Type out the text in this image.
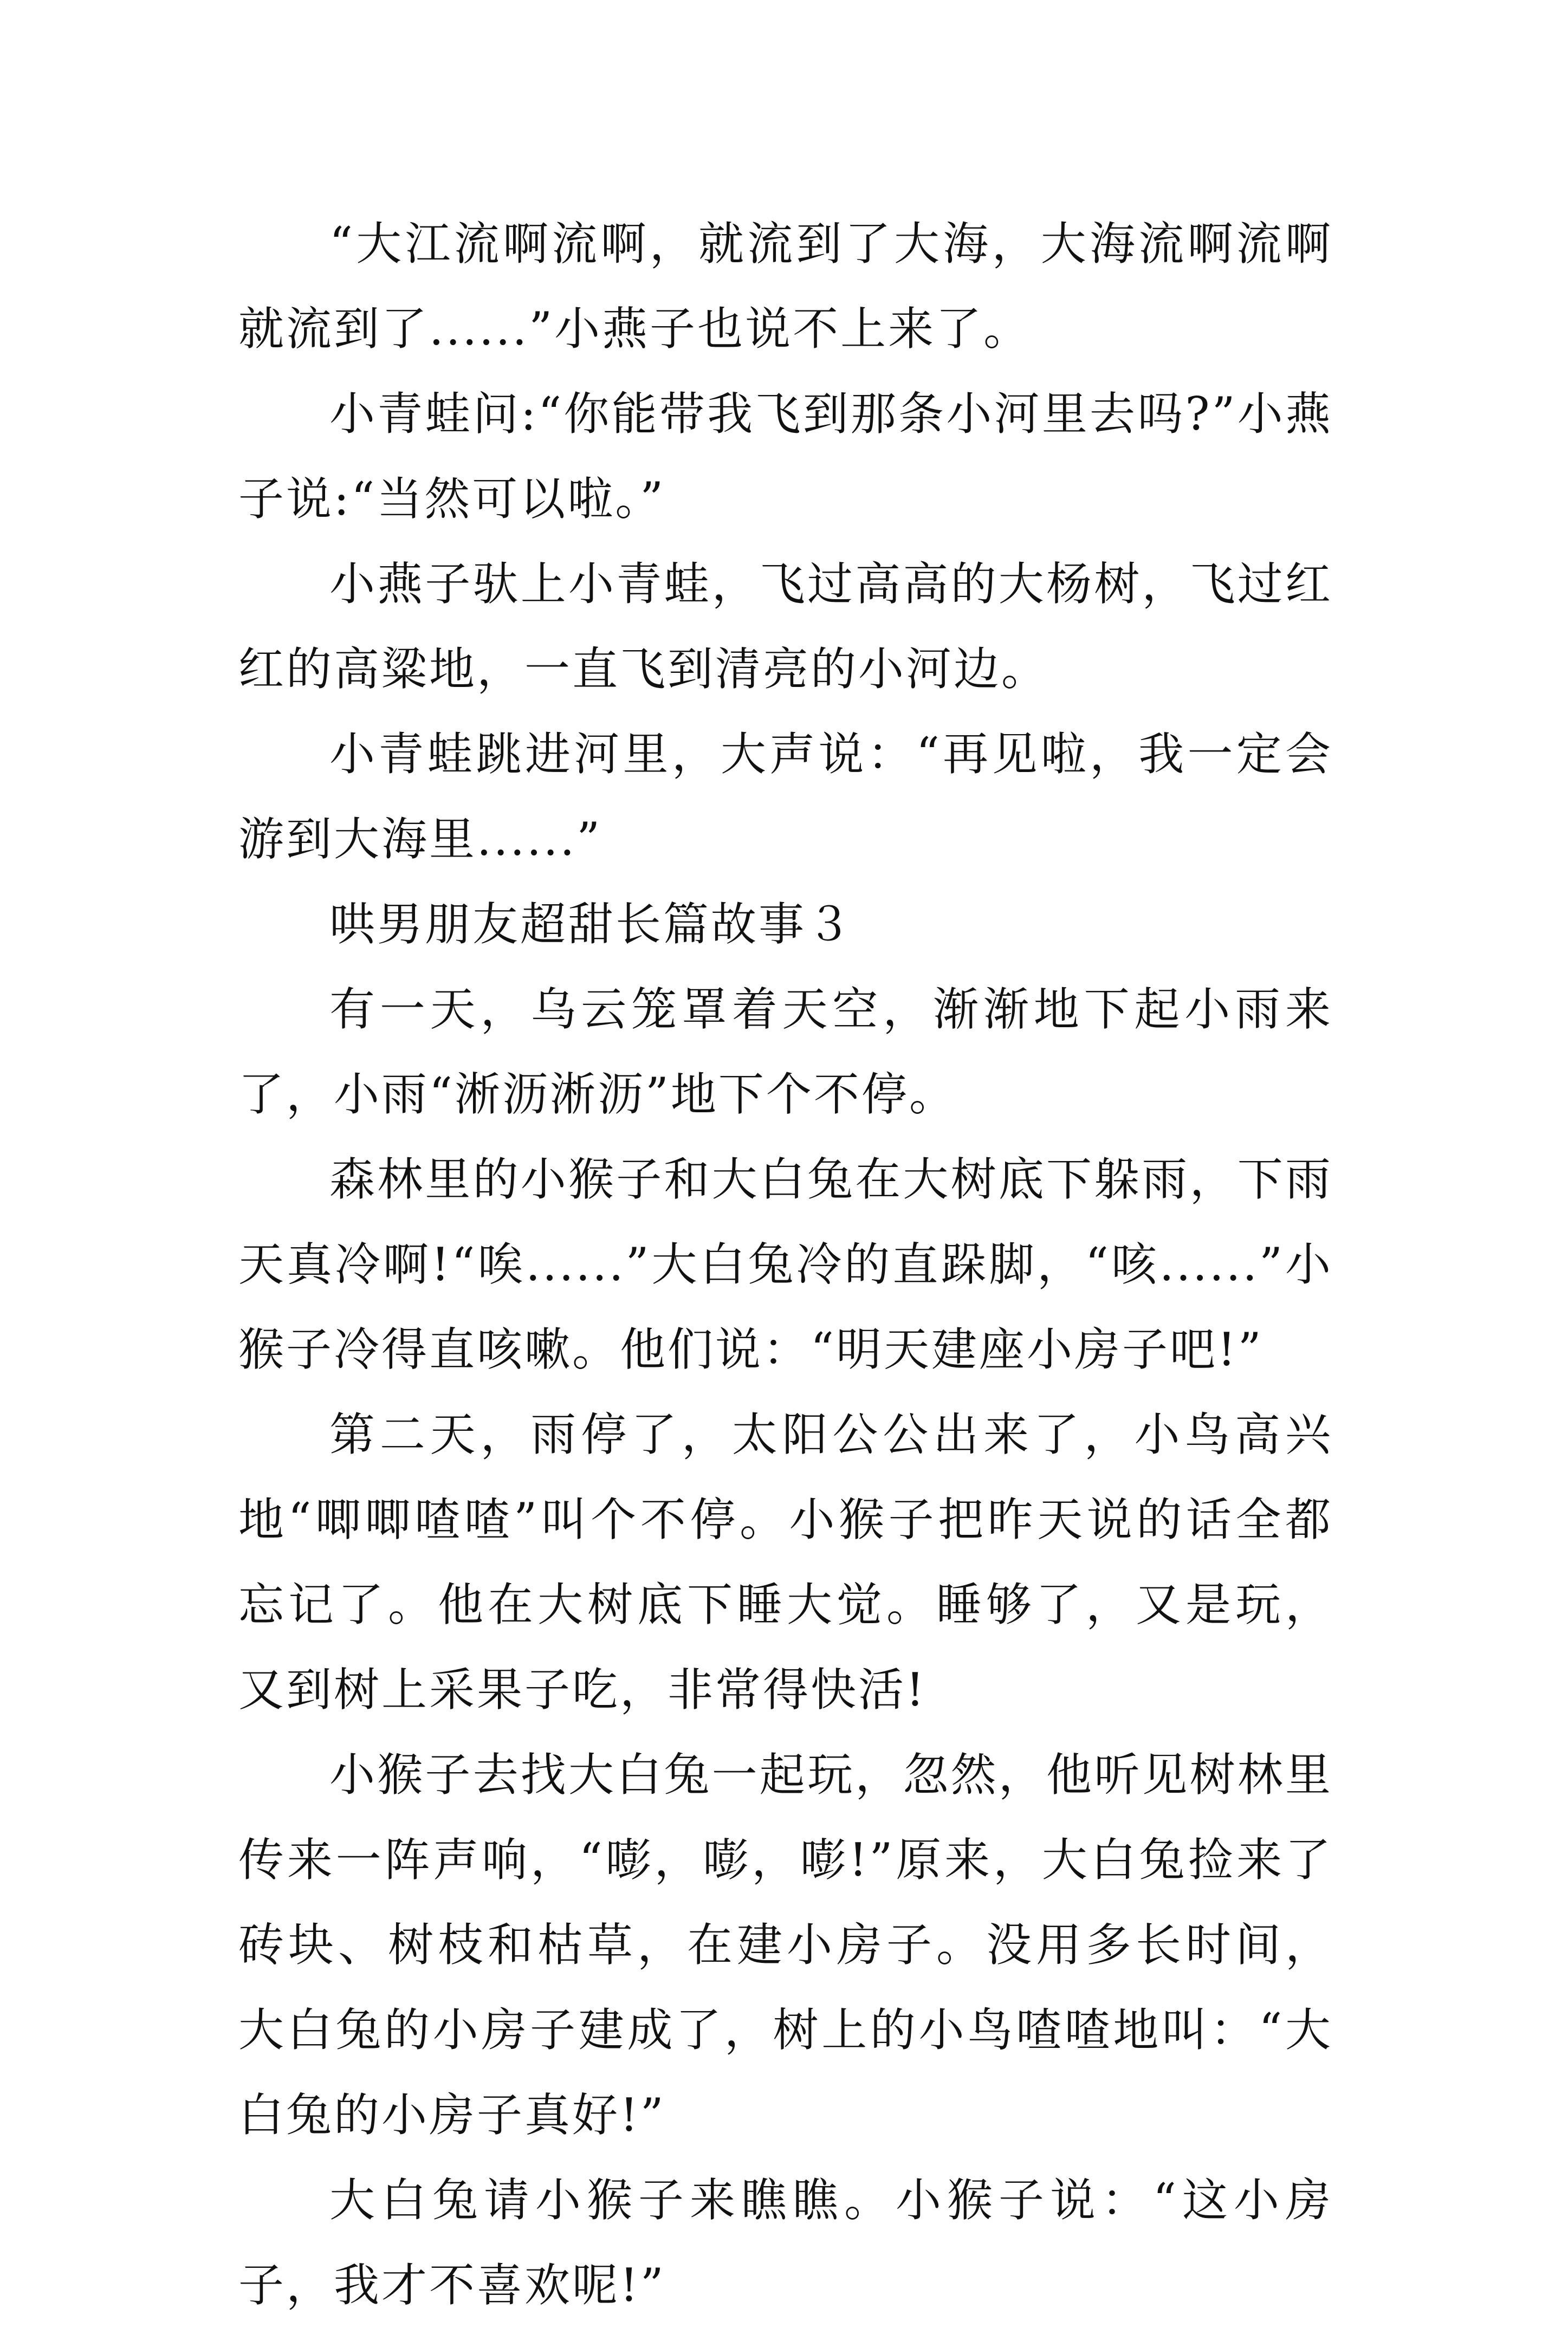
“大江流啊流啊，就流到了大海，大海流啊流啊就流到了......”小燕子也说不上来了。

小青蛙问:“你能带我飞到那条小河里去吗?”小燕子说:“当然可以啦。”

小燕子驮上小青蛙，飞过高高的大杨树，飞过红红的高粱地，一直飞到清亮的小河边。

小青蛙跳进河里，大声说：“再见啦，我一定会游到大海里......”

哄男朋友超甜长篇故事３

有一天，乌云笼罩着天空，渐渐地下起小雨来了，小雨“淅沥淅沥”地下个不停。

森林里的小猴子和大白兔在大树底下躲雨，下雨天真冷啊!“唉......”大白兔冷的直跺脚，“咳......”小猴子冷得直咳嗽。他们说：“明天建座小房子吧!”

第二天，雨停了，太阳公公出来了，小鸟高兴地“唧唧喳喳”叫个不停。小猴子把昨天说的话全都忘记了。他在大树底下睡大觉。睡够了，又是玩，又到树上采果子吃，非常得快活!

小猴子去找大白兔一起玩，忽然，他听见树林里传来一阵声响，“嘭，嘭，嘭!”原来，大白兔捡来了砖块、树枝和枯草，在建小房子。没用多长时间，大白兔的小房子建成了，树上的小鸟喳喳地叫：“大白兔的小房子真好!”

大白兔请小猴子来瞧瞧。小猴子说：“这小房子，我才不喜欢呢!”
